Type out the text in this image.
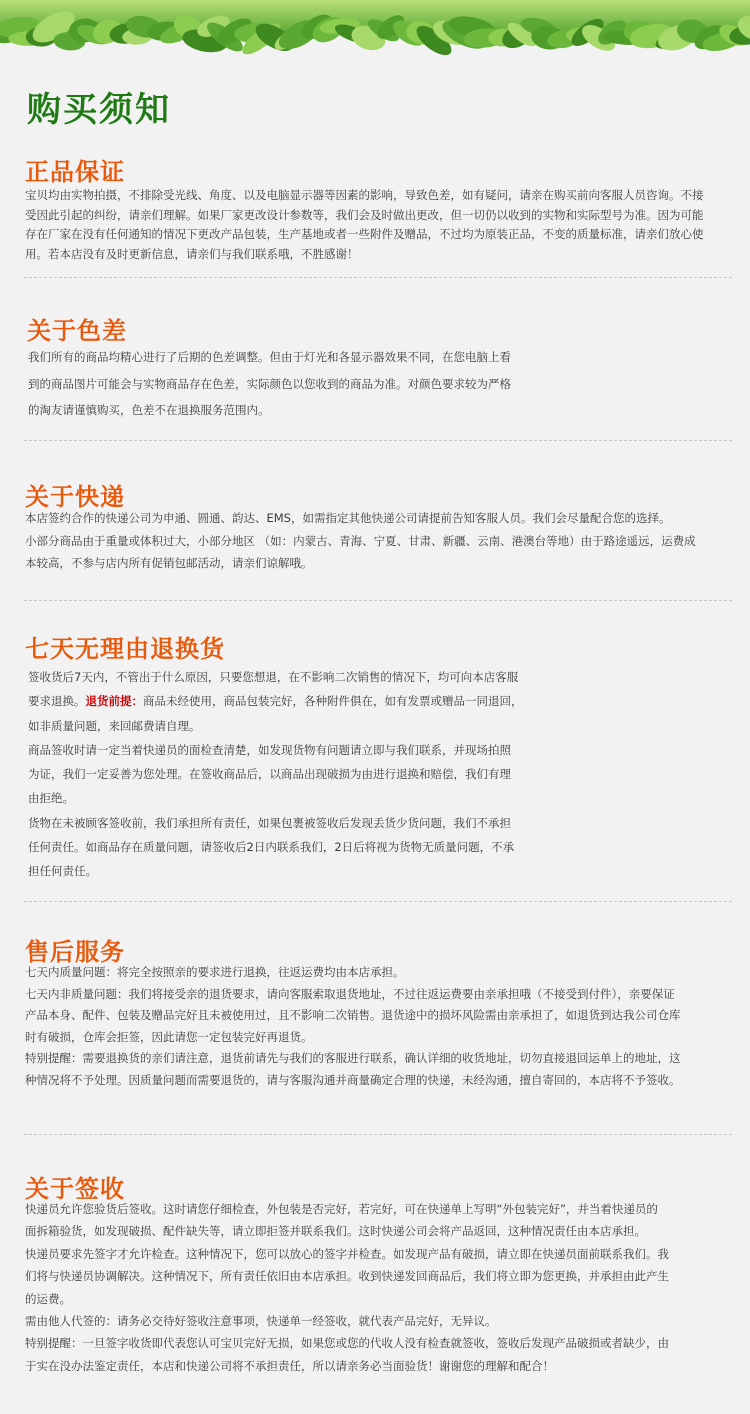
购买须知
正品保证

宝贝均由实物拍摄，不排除受光线、角度、以及电脑显示器等因素的影响，导致色差，如有疑问，请亲在购买前向客服人员咨询。不接

受因此引起的纠纷，请亲们理解。如果厂家更改设计参数等，我们会及时做出更改，但一切仍以收到的实物和实际型号为准。因为可能

存在厂家在没有任何通知的情况下更改产品包装，生产基地或者一些附件及赠品，不过均为原装正品，不变的质量标准，请亲们放心使

用。若本店没有及时更新信息，请亲们与我们联系哦，不胜感谢！

关于色差

我们所有的商品均精心进行了后期的色差调整。但由于灯光和各显示器效果不同，在您电脑上看

到的商品图片可能会与实物商品存在色差，实际颜色以您收到的商品为准。对颜色要求较为严格

的淘友请谨慎购买，色差不在退换服务范围内。

关于快递

本店签约合作的快递公司为申通、圆通、韵达、EMS，如需指定其他快递公司请提前告知客服人员。我们会尽量配合您的选择。

小部分商品由于重量或体积过大，小部分地区 （如：内蒙古、青海、宁夏、甘肃、新疆、云南、港澳台等地）由于路途遥远，运费成

本较高，不参与店内所有促销包邮活动，请亲们谅解哦。

七天无理由退换货

签收货后7天内，不管出于什么原因，只要您想退，在不影响二次销售的情况下，均可向本店客服

要求退换。退货前提：商品未经使用，商品包装完好，各种附件俱在，如有发票或赠品一同退回，

如非质量问题，来回邮费请自理。

商品签收时请一定当着快递员的面检查清楚，如发现货物有问题请立即与我们联系，并现场拍照

为证，我们一定妥善为您处理。在签收商品后，以商品出现破损为由进行退换和赔偿，我们有理

由拒绝。

货物在未被顾客签收前，我们承担所有责任，如果包裹被签收后发现丢货少货问题，我们不承担

任何责任。如商品存在质量问题，请签收后2日内联系我们，2日后将视为货物无质量问题，不承

担任何责任。

售后服务

七天内质量问题：将完全按照亲的要求进行退换，往返运费均由本店承担。

七天内非质量问题：我们将接受亲的退货要求，请向客服索取退货地址，不过往返运费要由亲承担哦（不接受到付件），亲要保证

产品本身、配件、包装及赠品完好且未被使用过，且不影响二次销售。退货途中的损坏风险需由亲承担了，如退货到达我公司仓库

时有破损，仓库会拒签，因此请您一定包装完好再退货。

特别提醒：需要退换货的亲们请注意，退货前请先与我们的客服进行联系，确认详细的收货地址，切勿直接退回运单上的地址，这

种情况将不予处理。因质量问题而需要退货的，请与客服沟通并商量确定合理的快递，未经沟通，擅自寄回的，本店将不予签收。

关于签收

快递员允许您验货后签收。这时请您仔细检查，外包装是否完好，若完好，可在快递单上写明“外包装完好”，并当着快递员的

面拆箱验货，如发现破损、配件缺失等，请立即拒签并联系我们。这时快递公司会将产品返回，这种情况责任由本店承担。

快递员要求先签字才允许检查。这种情况下，您可以放心的签字并检查。如发现产品有破损，请立即在快递员面前联系我们。我

们将与快递员协调解决。这种情况下，所有责任依旧由本店承担。收到快递发回商品后，我们将立即为您更换，并承担由此产生

的运费。

需由他人代签的：请务必交待好签收注意事项，快递单一经签收，就代表产品完好，无异议。

特别提醒：一旦签字收货即代表您认可宝贝完好无损，如果您或您的代收人没有检查就签收，签收后发现产品破损或者缺少，由

于实在没办法鉴定责任，本店和快递公司将不承担责任，所以请亲务必当面验货！谢谢您的理解和配合！
